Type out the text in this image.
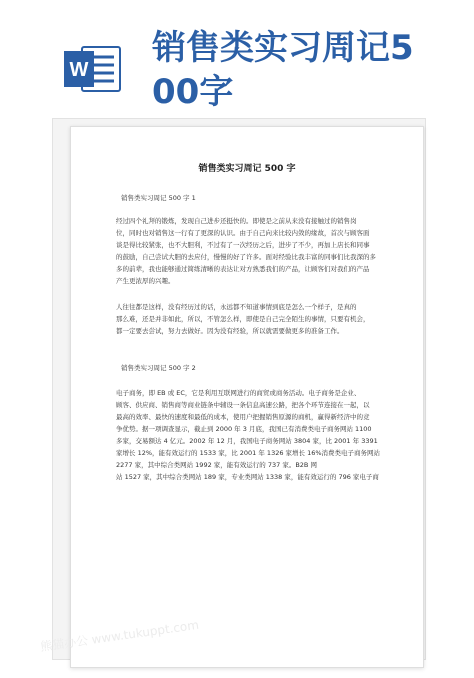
W
销售类实习周记5
00字
销售类实习周记 500 字
销售类实习周记 500 字 1
经过四个礼拜的锻炼，发现自己进步还挺快的。即使是之前从来没有接触过的销售岗
位，同时也对销售这一行有了更深的认识。由于自己向来比较内敛的缘故，首次与顾客面
谈是得比较紧张，也不大胆利，不过有了一次经历之后，进步了不少，再加上店长和同事
的鼓励，自己尝试大胆的去应付，慢慢的好了许多。面对经验比我丰富的同事们比我深的多
多的前辈，我也能够通过简练清晰的表达让对方熟悉我们的产品，让顾客们对我们的产品
产生更浓厚的兴趣。
人往往都是这样，没有经历过的话，永远都不知道事情到底是怎么一个样子，是真的
那么难，还是并非如此，所以，不管怎么样，即使是自己完全陌生的事情，只要有机会，
都一定要去尝试，努力去做好。因为没有经验，所以就需要做更多的准备工作。
销售类实习周记 500 字 2
电子商务，即 EB 或 EC，它是利用互联网进行的商贸或商务活动。电子商务是企业、
顾客、供应商、销售商等商业链条中辅设一条信息高速公路，把各个环节连接在一起，以
最高的效率、最快的速度和最低的成本，使用户把握销售原源的商机，赢得新经济中的竞
争优势。据一项调查显示，截止到 2000 年 3 月底，我国已有消费类电子商务网站 1100
多家，交易额达 4 亿元。2002 年 12 月，我国电子商务网站 3804 家，比 2001 年 3391
家增长 12%，能有效运行的 1533 家，比 2001 年 1326 家增长 16%消费类电子商务网站
2277 家，其中综合类网站 1992 家，能有效运行的 737 家。B2B 网
站 1527 家，其中综合类网站 189 家，专业类网站 1338 家，能有效运行的 796 家电子商
熊猫办公 www.tukuppt.com
